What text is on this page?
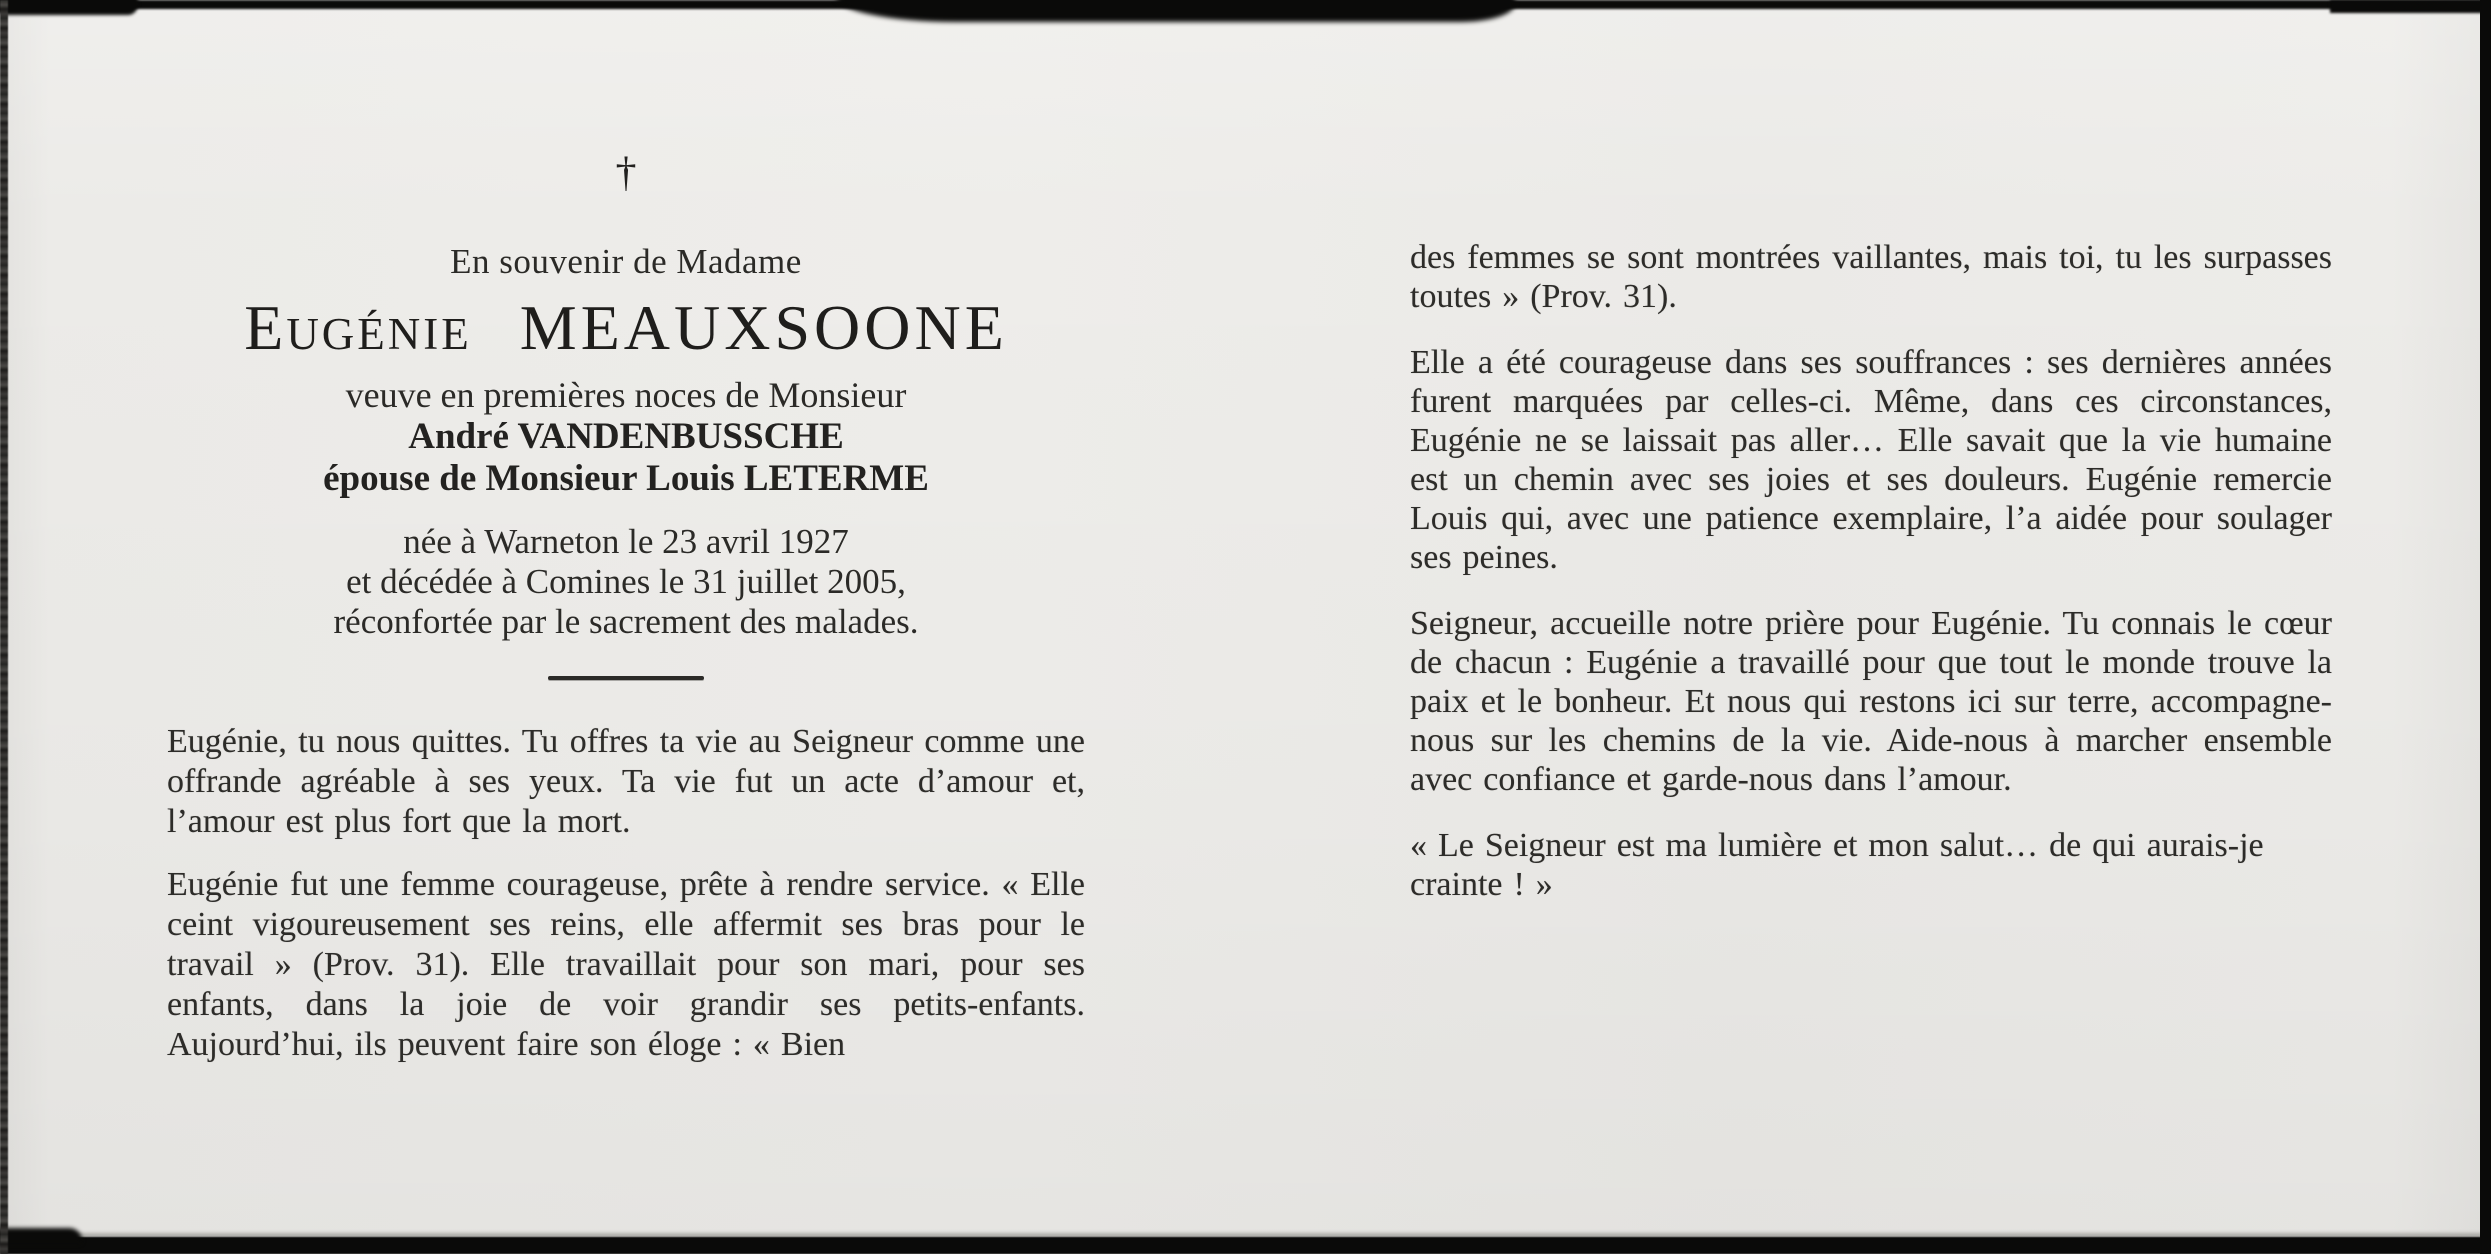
†
En souvenir de Madame
Eugénie MEAUXSOONE
veuve en premières noces de Monsieur
André VANDENBUSSCHE
épouse de Monsieur Louis LETERME
née à Warneton le 23 avril 1927
et décédée à Comines le 31 juillet 2005,
réconfortée par le sacrement des malades.

Eugénie, tu nous quittes. Tu offres ta vie au Seigneur comme une offrande agréable à ses yeux. Ta vie fut un acte d’amour et, l’amour est plus fort que la mort.

Eugénie fut une femme courageuse, prête à rendre service. « Elle ceint vigoureusement ses reins, elle affermit ses bras pour le travail » (Prov. 31). Elle travaillait pour son mari, pour ses enfants, dans la joie de voir grandir ses petits-enfants. Aujourd’hui, ils peuvent faire son éloge : « Bien

des femmes se sont montrées vaillantes, mais toi, tu les surpasses toutes » (Prov. 31).

Elle a été courageuse dans ses souffrances : ses dernières années furent marquées par celles-ci. Même, dans ces circonstances, Eugénie ne se laissait pas aller… Elle savait que la vie humaine est un chemin avec ses joies et ses douleurs. Eugénie remercie Louis qui, avec une patience exemplaire, l’a aidée pour soulager ses peines.

Seigneur, accueille notre prière pour Eugénie. Tu connais le cœur de chacun : Eugénie a travaillé pour que tout le monde trouve la paix et le bonheur. Et nous qui restons ici sur terre, accompagne-nous sur les chemins de la vie. Aide-nous à marcher ensemble avec confiance et garde-nous dans l’amour.

« Le Seigneur est ma lumière et mon salut… de qui aurais-je crainte ! »
